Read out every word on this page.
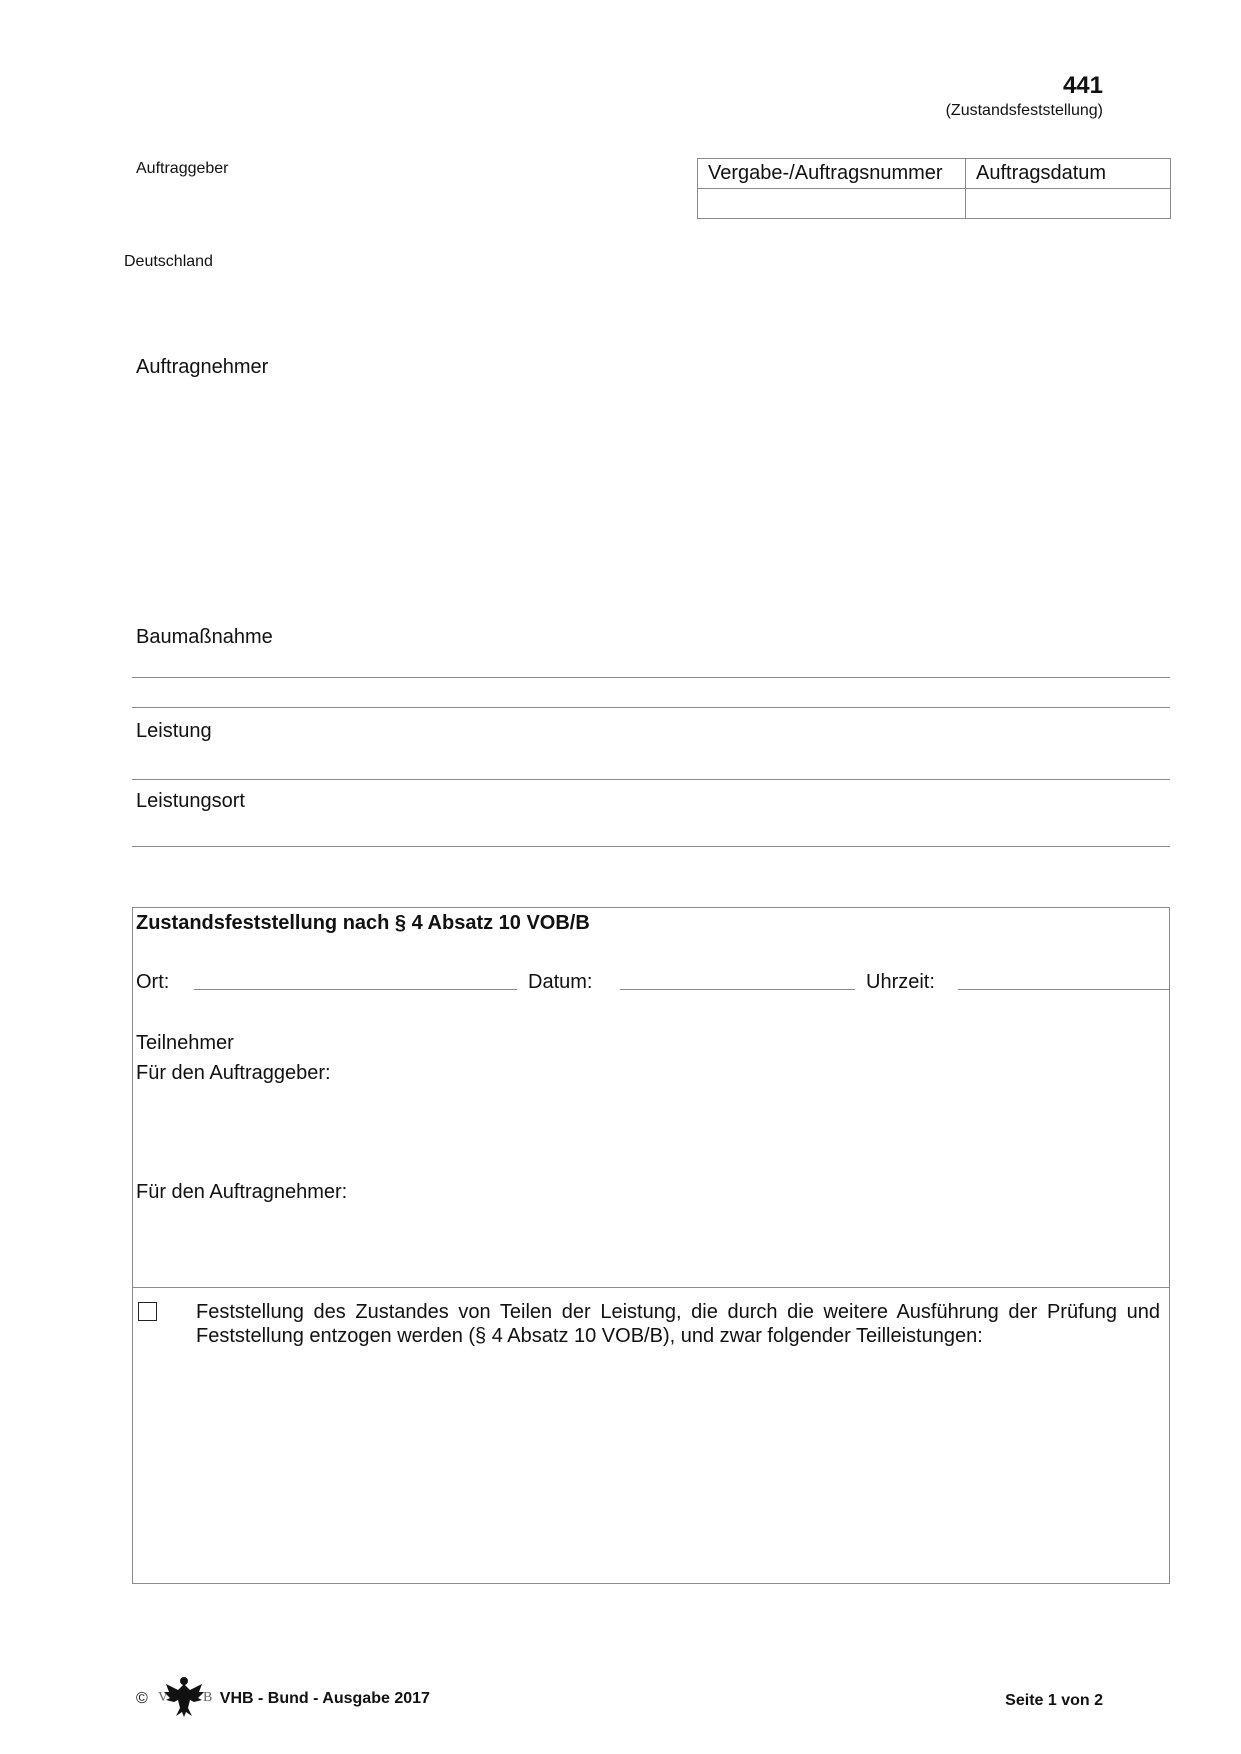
441
(Zustandsfeststellung)
Auftraggeber
Deutschland
Vergabe-/Auftragsnummer	Auftragsdatum

Auftragnehmer
Baumaßnahme
Leistung
Leistungsort
Zustandsfeststellung nach § 4 Absatz 10 VOB/B
Ort:	Datum:	Uhrzeit:
Teilnehmer
Für den Auftraggeber:
Für den Auftragnehmer:
Feststellung des Zustandes von Teilen der Leistung, die durch die weitere Ausführung der Prüfung und Feststellung entzogen werden (§ 4 Absatz 10 VOB/B), und zwar folgender Teilleistungen:
© V B VHB - Bund - Ausgabe 2017	Seite 1 von 2
